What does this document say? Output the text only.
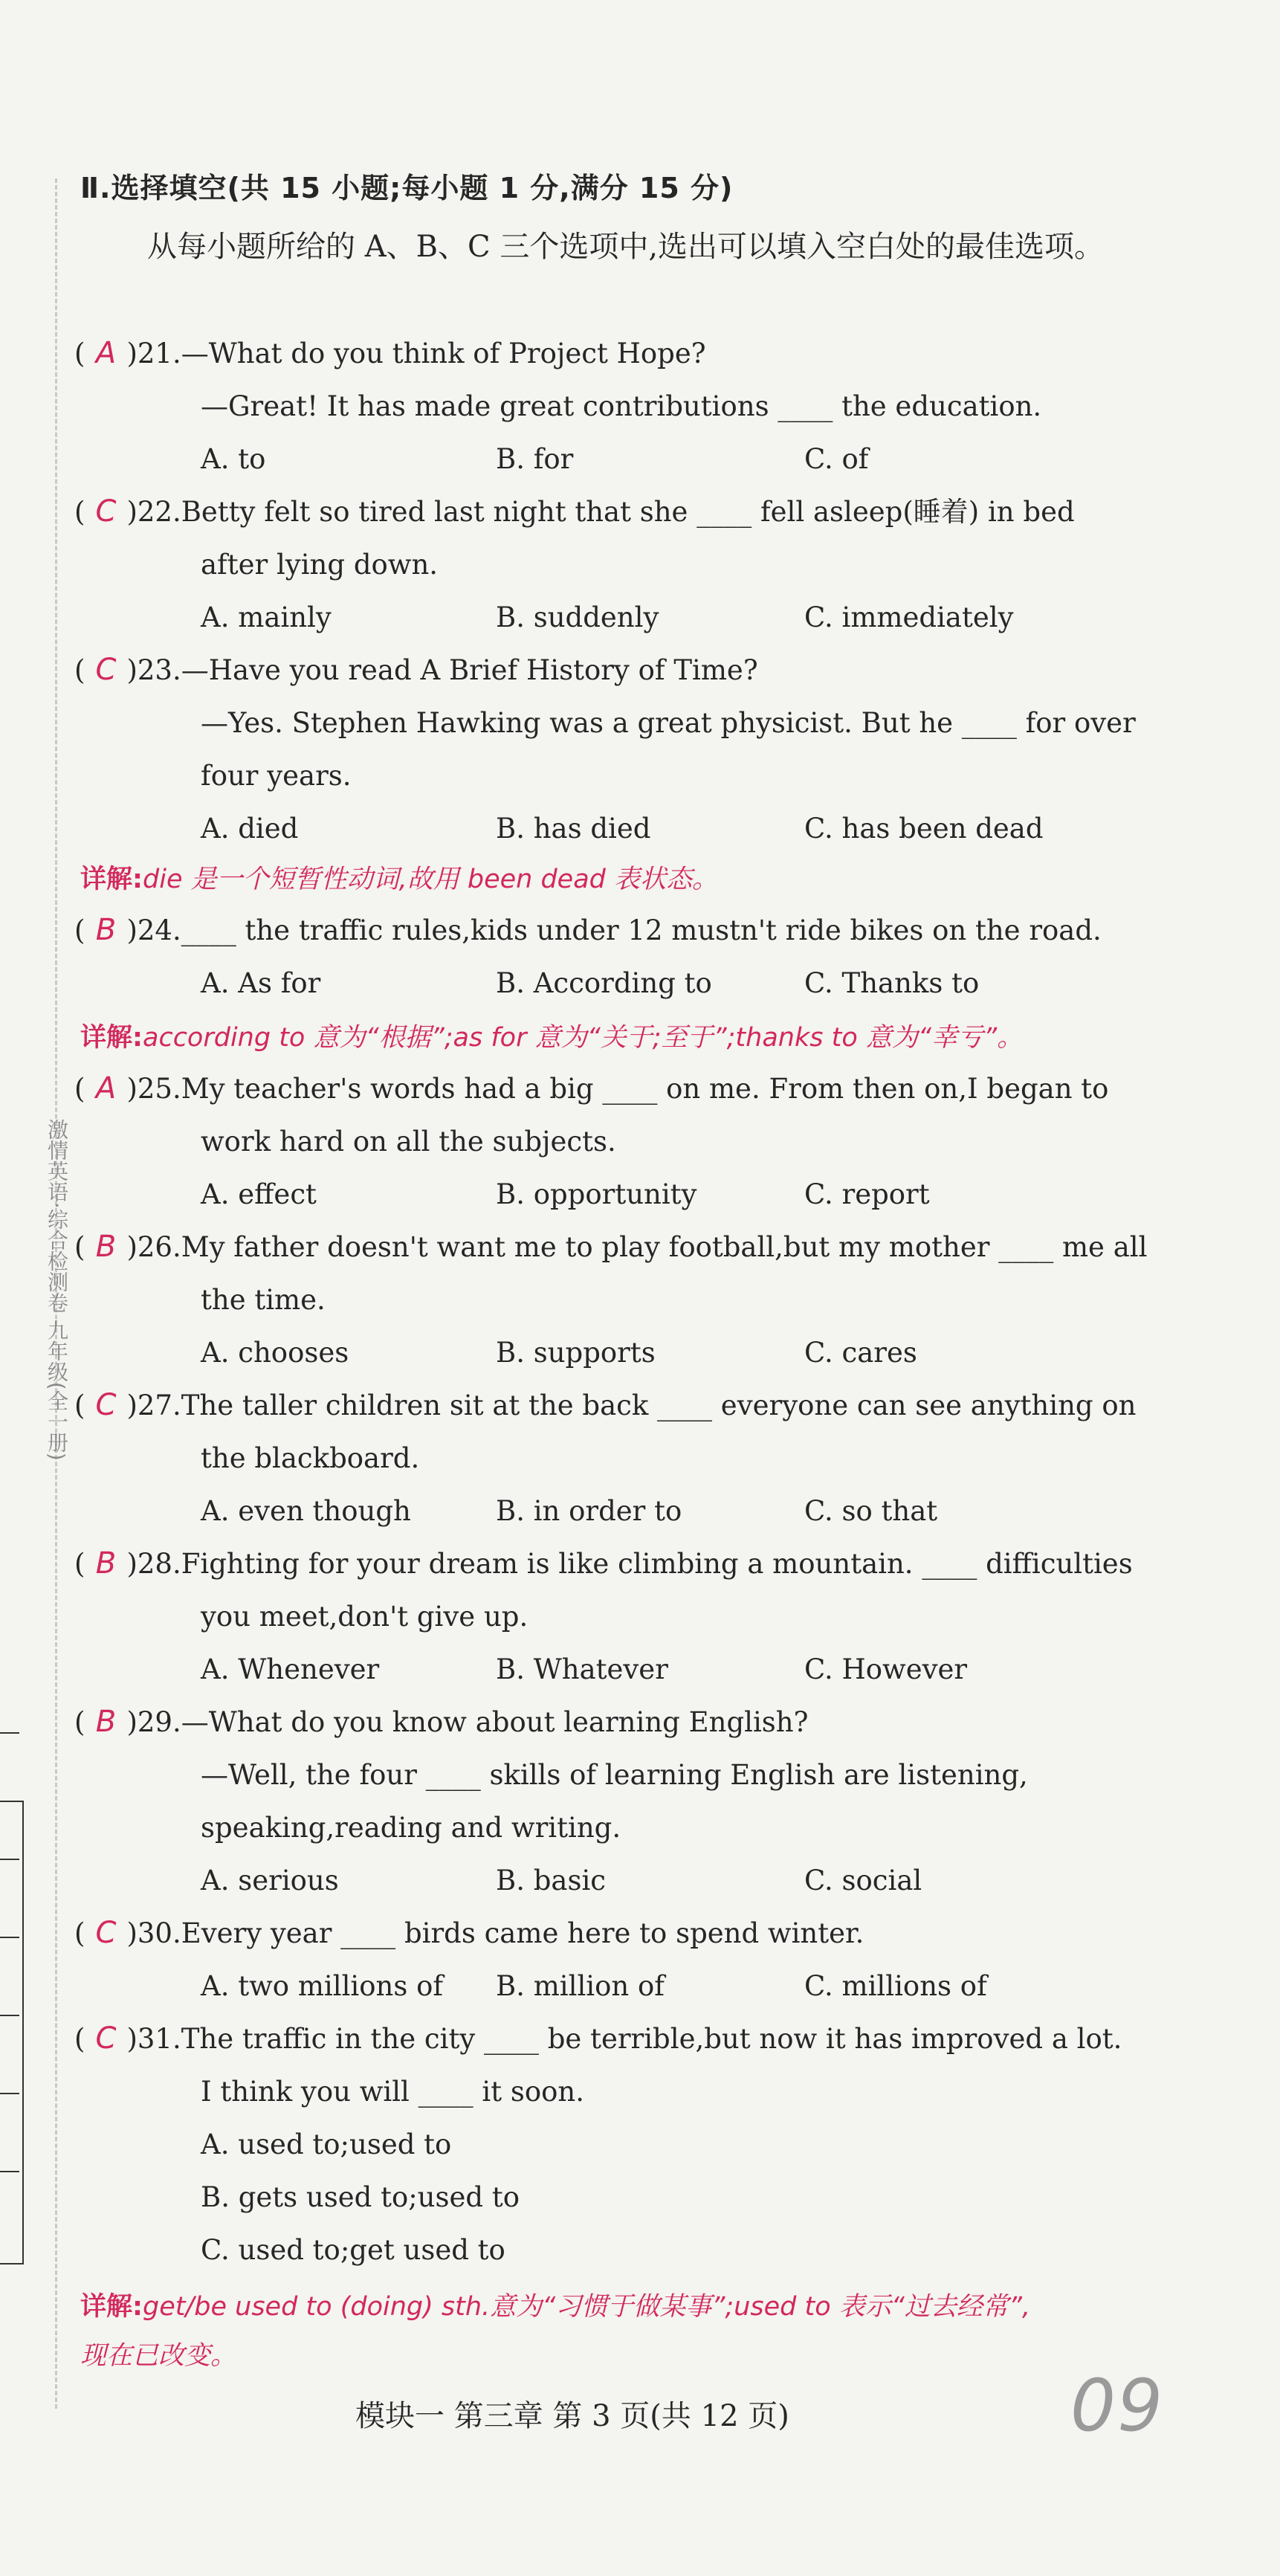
激情英语·综合检测卷 九年级(全一册)
Ⅱ.选择填空(共 15 小题;每小题 1 分,满分 15 分)
从每小题所给的 A、B、C 三个选项中,选出可以填入空白处的最佳选项。
( A )21.—What do you think of Project Hope?
—Great! It has made great contributions ____ the education.
A. to	B. for	C. of
( C )22.Betty felt so tired last night that she ____ fell asleep(睡着) in bed
after lying down.
A. mainly	B. suddenly	C. immediately
( C )23.—Have you read A Brief History of Time?
—Yes. Stephen Hawking was a great physicist. But he ____ for over
four years.
A. died	B. has died	C. has been dead
( B )24.____ the traffic rules,kids under 12 mustn't ride bikes on the road.
A. As for	B. According to	C. Thanks to
( A )25.My teacher's words had a big ____ on me. From then on,I began to
work hard on all the subjects.
A. effect	B. opportunity	C. report
( B )26.My father doesn't want me to play football,but my mother ____ me all
the time.
A. chooses	B. supports	C. cares
( C )27.The taller children sit at the back ____ everyone can see anything on
the blackboard.
A. even though	B. in order to	C. so that
( B )28.Fighting for your dream is like climbing a mountain. ____ difficulties
you meet,don't give up.
A. Whenever	B. Whatever	C. However
( B )29.—What do you know about learning English?
—Well, the four ____ skills of learning English are listening,
speaking,reading and writing.
A. serious	B. basic	C. social
( C )30.Every year ____ birds came here to spend winter.
A. two millions of B. million of	C. millions of
( C )31.The traffic in the city ____ be terrible,but now it has improved a lot.
I think you will ____ it soon.
A. used to;used to
B. gets used to;used to
C. used to;get used to
详解:die 是一个短暂性动词,故用 been dead 表状态。
详解:according to 意为“根据”;as for 意为“关于;至于”;thanks to 意为“幸亏”。
详解:get/be used to (doing) sth.意为“习惯于做某事”;used to 表示“过去经常”,
现在已改变。
模块一 第三章 第 3 页(共 12 页)	09
